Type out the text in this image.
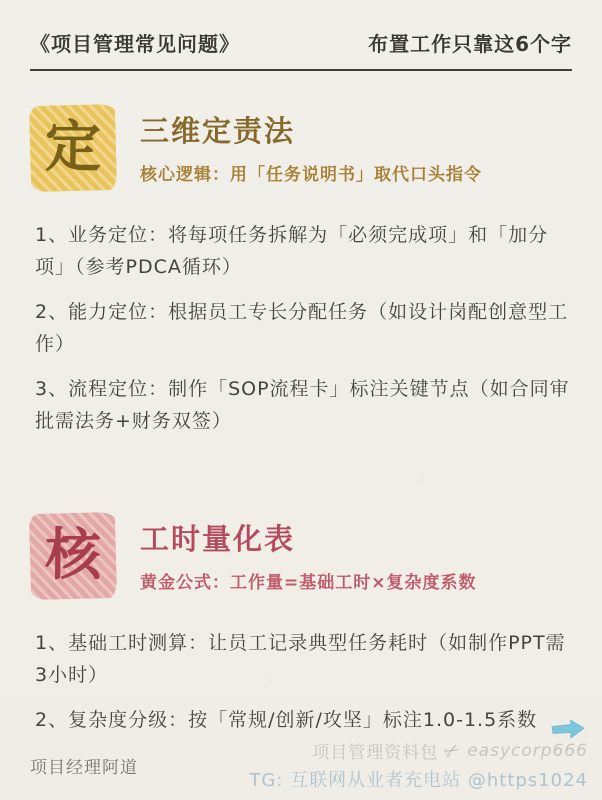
《项目管理常见问题》	布置工作只靠这6个字
定 三维定责法
核心逻辑：用「任务说明书」取代口头指令

1、业务定位：将每项任务拆解为「必须完成项」和「加分项」（参考PDCA循环）

2、能力定位：根据员工专长分配任务（如设计岗配创意型工作）

3、流程定位：制作「SOP流程卡」标注关键节点（如合同审批需法务+财务双签）

核 工时量化表
黄金公式：工作量=基础工时×复杂度系数

1、基础工时测算：让员工记录典型任务耗时（如制作PPT需3小时）

2、复杂度分级：按「常规/创新/攻坚」标注1.0-1.5系数

项目经理阿道
项目管理资料包 ✂ easycorp666
TG: 互联网从业者充电站 @https1024
